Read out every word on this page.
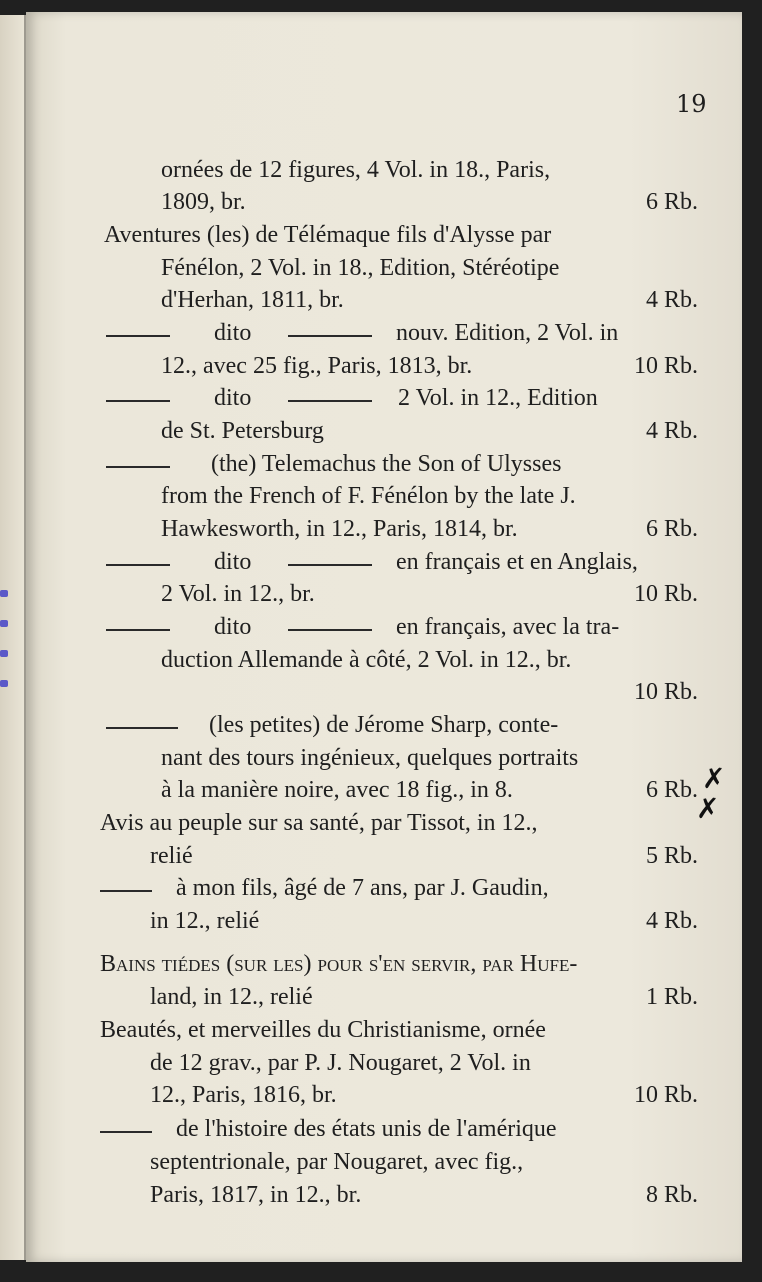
19
ornées de 12 figures, 4 Vol. in 18., Paris,
1809, br.	6 Rb.
Aventures (les) de Télémaque fils d'Alysse par
Fénélon, 2 Vol. in 18., Edition, Stéréotipe
d'Herhan, 1811, br.	4 Rb.
dito	nouv. Edition, 2 Vol. in
12., avec 25 fig., Paris, 1813, br.	10 Rb.
dito	2 Vol. in 12., Edition
de St. Petersburg	4 Rb.
(the) Telemachus the Son of Ulysses
from the French of F. Fénélon by the late J.
Hawkesworth, in 12., Paris, 1814, br.	6 Rb.
dito	en français et en Anglais,
2 Vol. in 12., br.	10 Rb.
dito	en français, avec la tra-
duction Allemande à côté, 2 Vol. in 12., br.
10 Rb.
(les petites) de Jérome Sharp, conte-
nant des tours ingénieux, quelques portraits
à la manière noire, avec 18 fig., in 8.	6 Rb.
Avis au peuple sur sa santé, par Tissot, in 12.,
relié	5 Rb.
à mon fils, âgé de 7 ans, par J. Gaudin,
in 12., relié	4 Rb.
Bains tiédes (sur les) pour s'en servir, par Hufe-
land, in 12., relié	1 Rb.
Beautés, et merveilles du Christianisme, ornée
de 12 grav., par P. J. Nougaret, 2 Vol. in
12., Paris, 1816, br.	10 Rb.
de l'histoire des états unis de l'amérique
septentrionale, par Nougaret, avec fig.,
Paris, 1817, in 12., br.	8 Rb.
✗
✗
